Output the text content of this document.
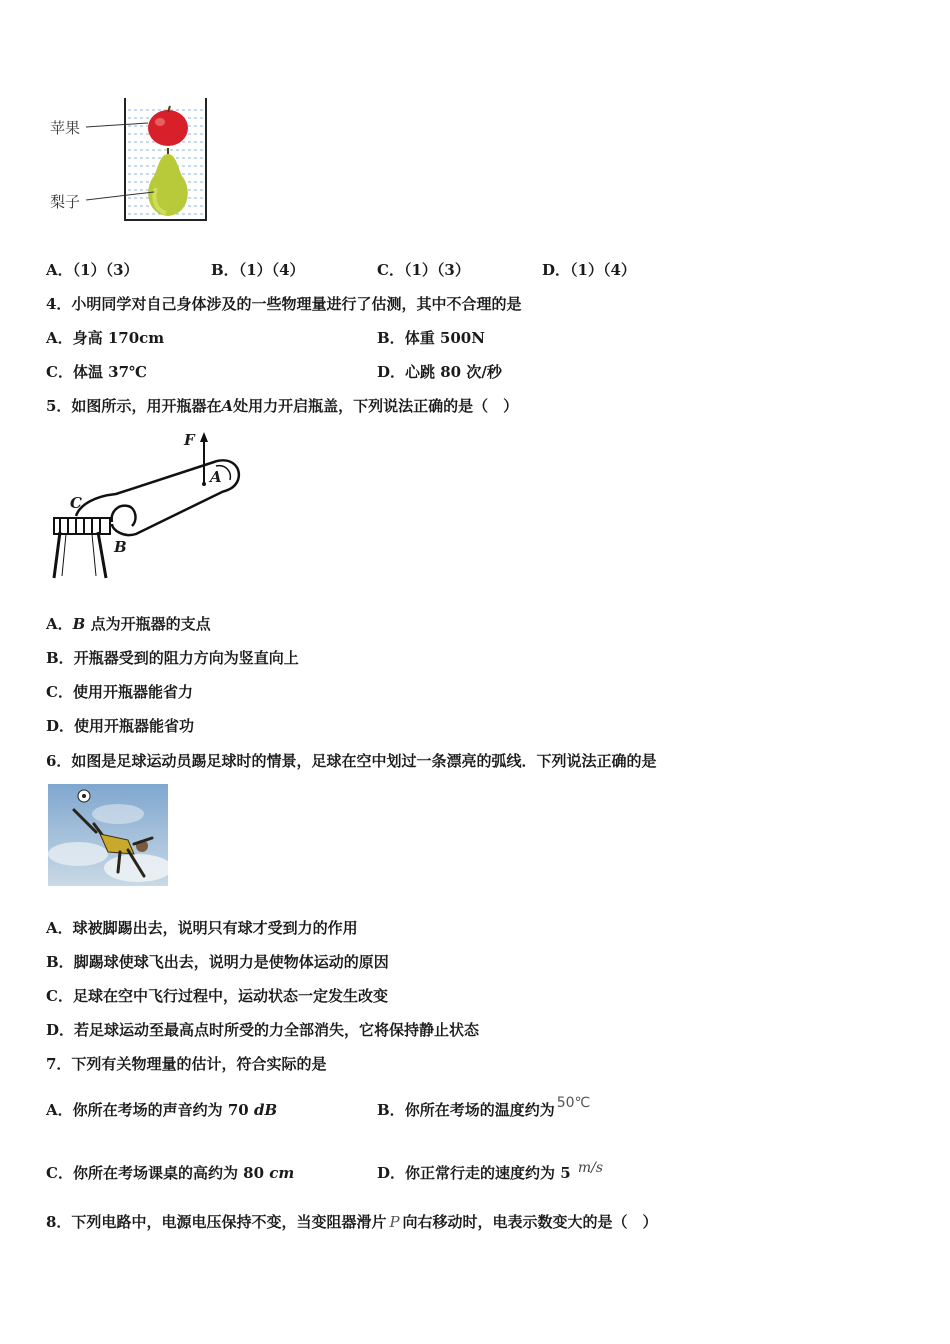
苹果
梨子
A．（1）（3）	B．（1）（4）	C．（1）（3）	D．（1）（4）
4．小明同学对自己身体涉及的一些物理量进行了估测，其中不合理的是
A．身高 170cm	B．体重 500N
C．体温 37℃	D．心跳 80 次/秒
5．如图所示，用开瓶器在A处用力开启瓶盖，下列说法正确的是（　）
F
A
C
B
A．B 点为开瓶器的支点
B．开瓶器受到的阻力方向为竖直向上
C．使用开瓶器能省力
D．使用开瓶器能省功
6．如图是足球运动员踢足球时的情景，足球在空中划过一条漂亮的弧线．下列说法正确的是
A．球被脚踢出去，说明只有球才受到力的作用
B．脚踢球使球飞出去，说明力是使物体运动的原因
C．足球在空中飞行过程中，运动状态一定发生改变
D．若足球运动至最高点时所受的力全部消失，它将保持静止状态
7．下列有关物理量的估计，符合实际的是
A．你所在考场的声音约为 70 dB	B．你所在考场的温度约为 50℃
C．你所在考场课桌的高约为 80 cm	D．你正常行走的速度约为 5 m/s
8．下列电路中，电源电压保持不变，当变阻器滑片 P 向右移动时，电表示数变大的是（　）
